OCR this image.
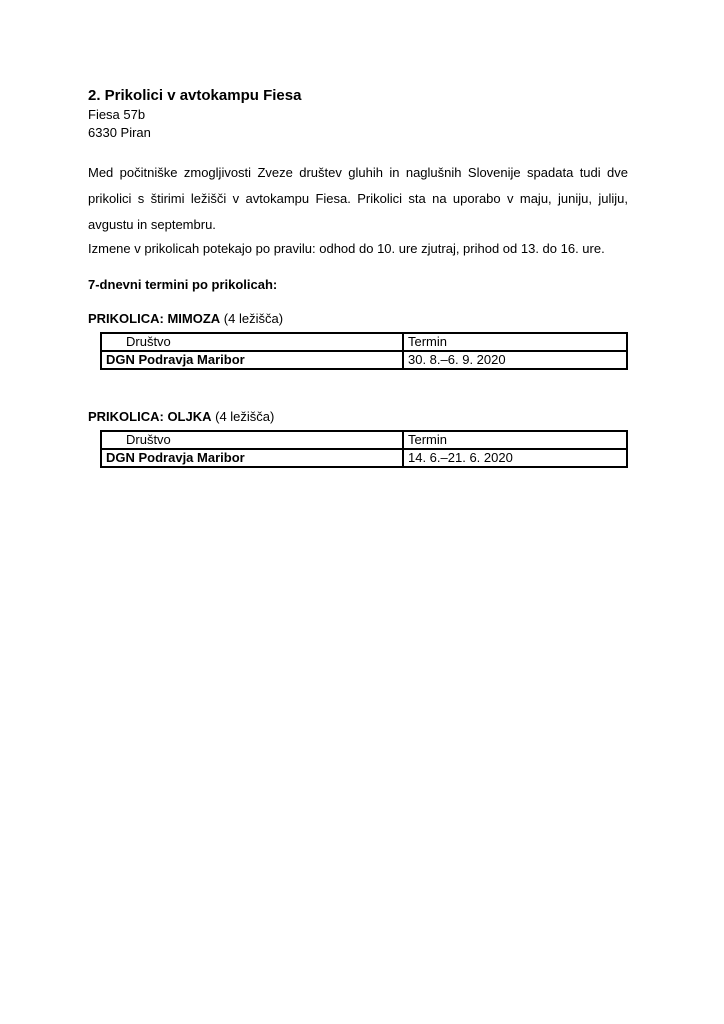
2. Prikolici v avtokampu Fiesa
Fiesa 57b
6330 Piran
Med počitniške zmogljivosti Zveze društev gluhih in naglušnih Slovenije spadata tudi dve prikolici s štirimi ležišči v avtokampu Fiesa. Prikolici sta na uporabo v maju, juniju, juliju, avgustu in septembru.
Izmene v prikolicah potekajo po pravilu: odhod do 10. ure zjutraj, prihod od 13. do 16. ure.
7-dnevni termini po prikolicah:
PRIKOLICA: MIMOZA (4 ležišča)
Društvo	Termin
DGN Podravja Maribor	30. 8.–6. 9. 2020
PRIKOLICA: OLJKA (4 ležišča)
Društvo	Termin
DGN Podravja Maribor	14. 6.–21. 6. 2020
